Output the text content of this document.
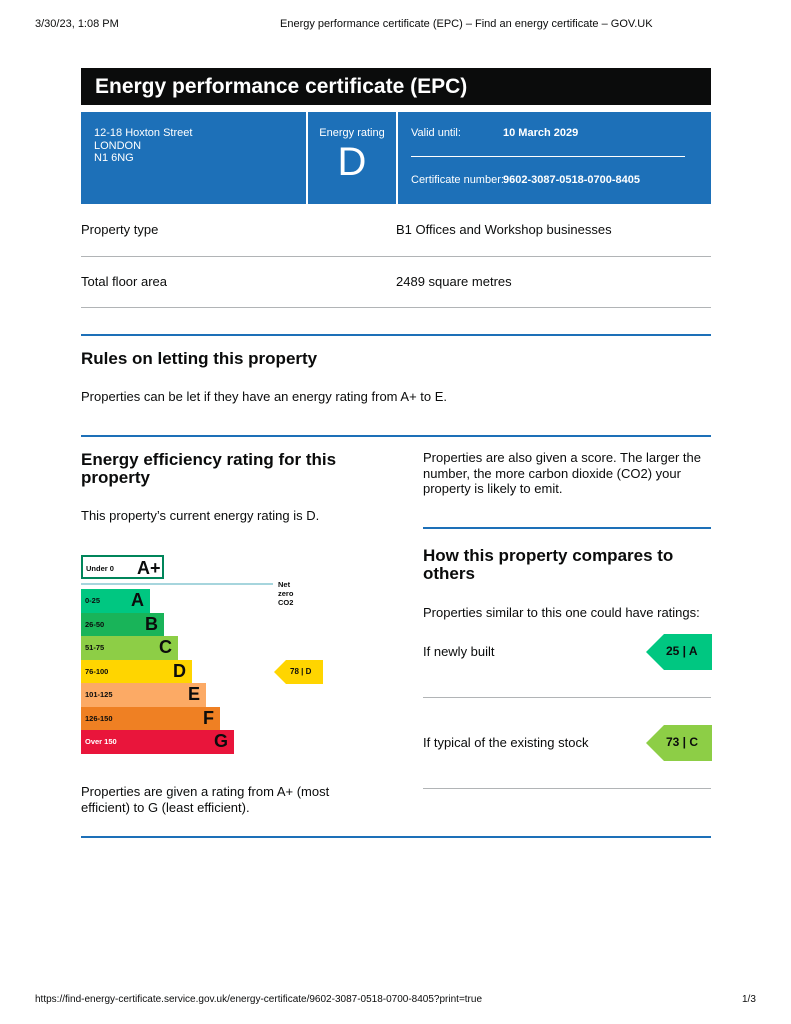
3/30/23, 1:08 PM	Energy performance certificate (EPC) – Find an energy certificate – GOV.UK
Energy performance certificate (EPC)
12-18 Hoxton Street
LONDON
N1 6NG
Energy rating
D
Valid until:	10 March 2029
Certificate number: 9602-3087-0518-0700-8405
Property type	B1 Offices and Workshop businesses
Total floor area	2489 square metres
Rules on letting this property
Properties can be let if they have an energy rating from A+ to E.
Energy efficiency rating for this property
This property’s current energy rating is D.
Under 0 A+
Net zero CO2
0-25 A
26-50 B
51-75	C
76-100	D
101-125	E
126-150	F
Over 150	G
78 | D
Properties are given a rating from A+ (most efficient) to G (least efficient).
Properties are also given a score. The larger the number, the more carbon dioxide (CO2) your property is likely to emit.
How this property compares to others
Properties similar to this one could have ratings:
If newly built	25 | A
If typical of the existing stock	73 | C
https://find-energy-certificate.service.gov.uk/energy-certificate/9602-3087-0518-0700-8405?print=true	1/3
